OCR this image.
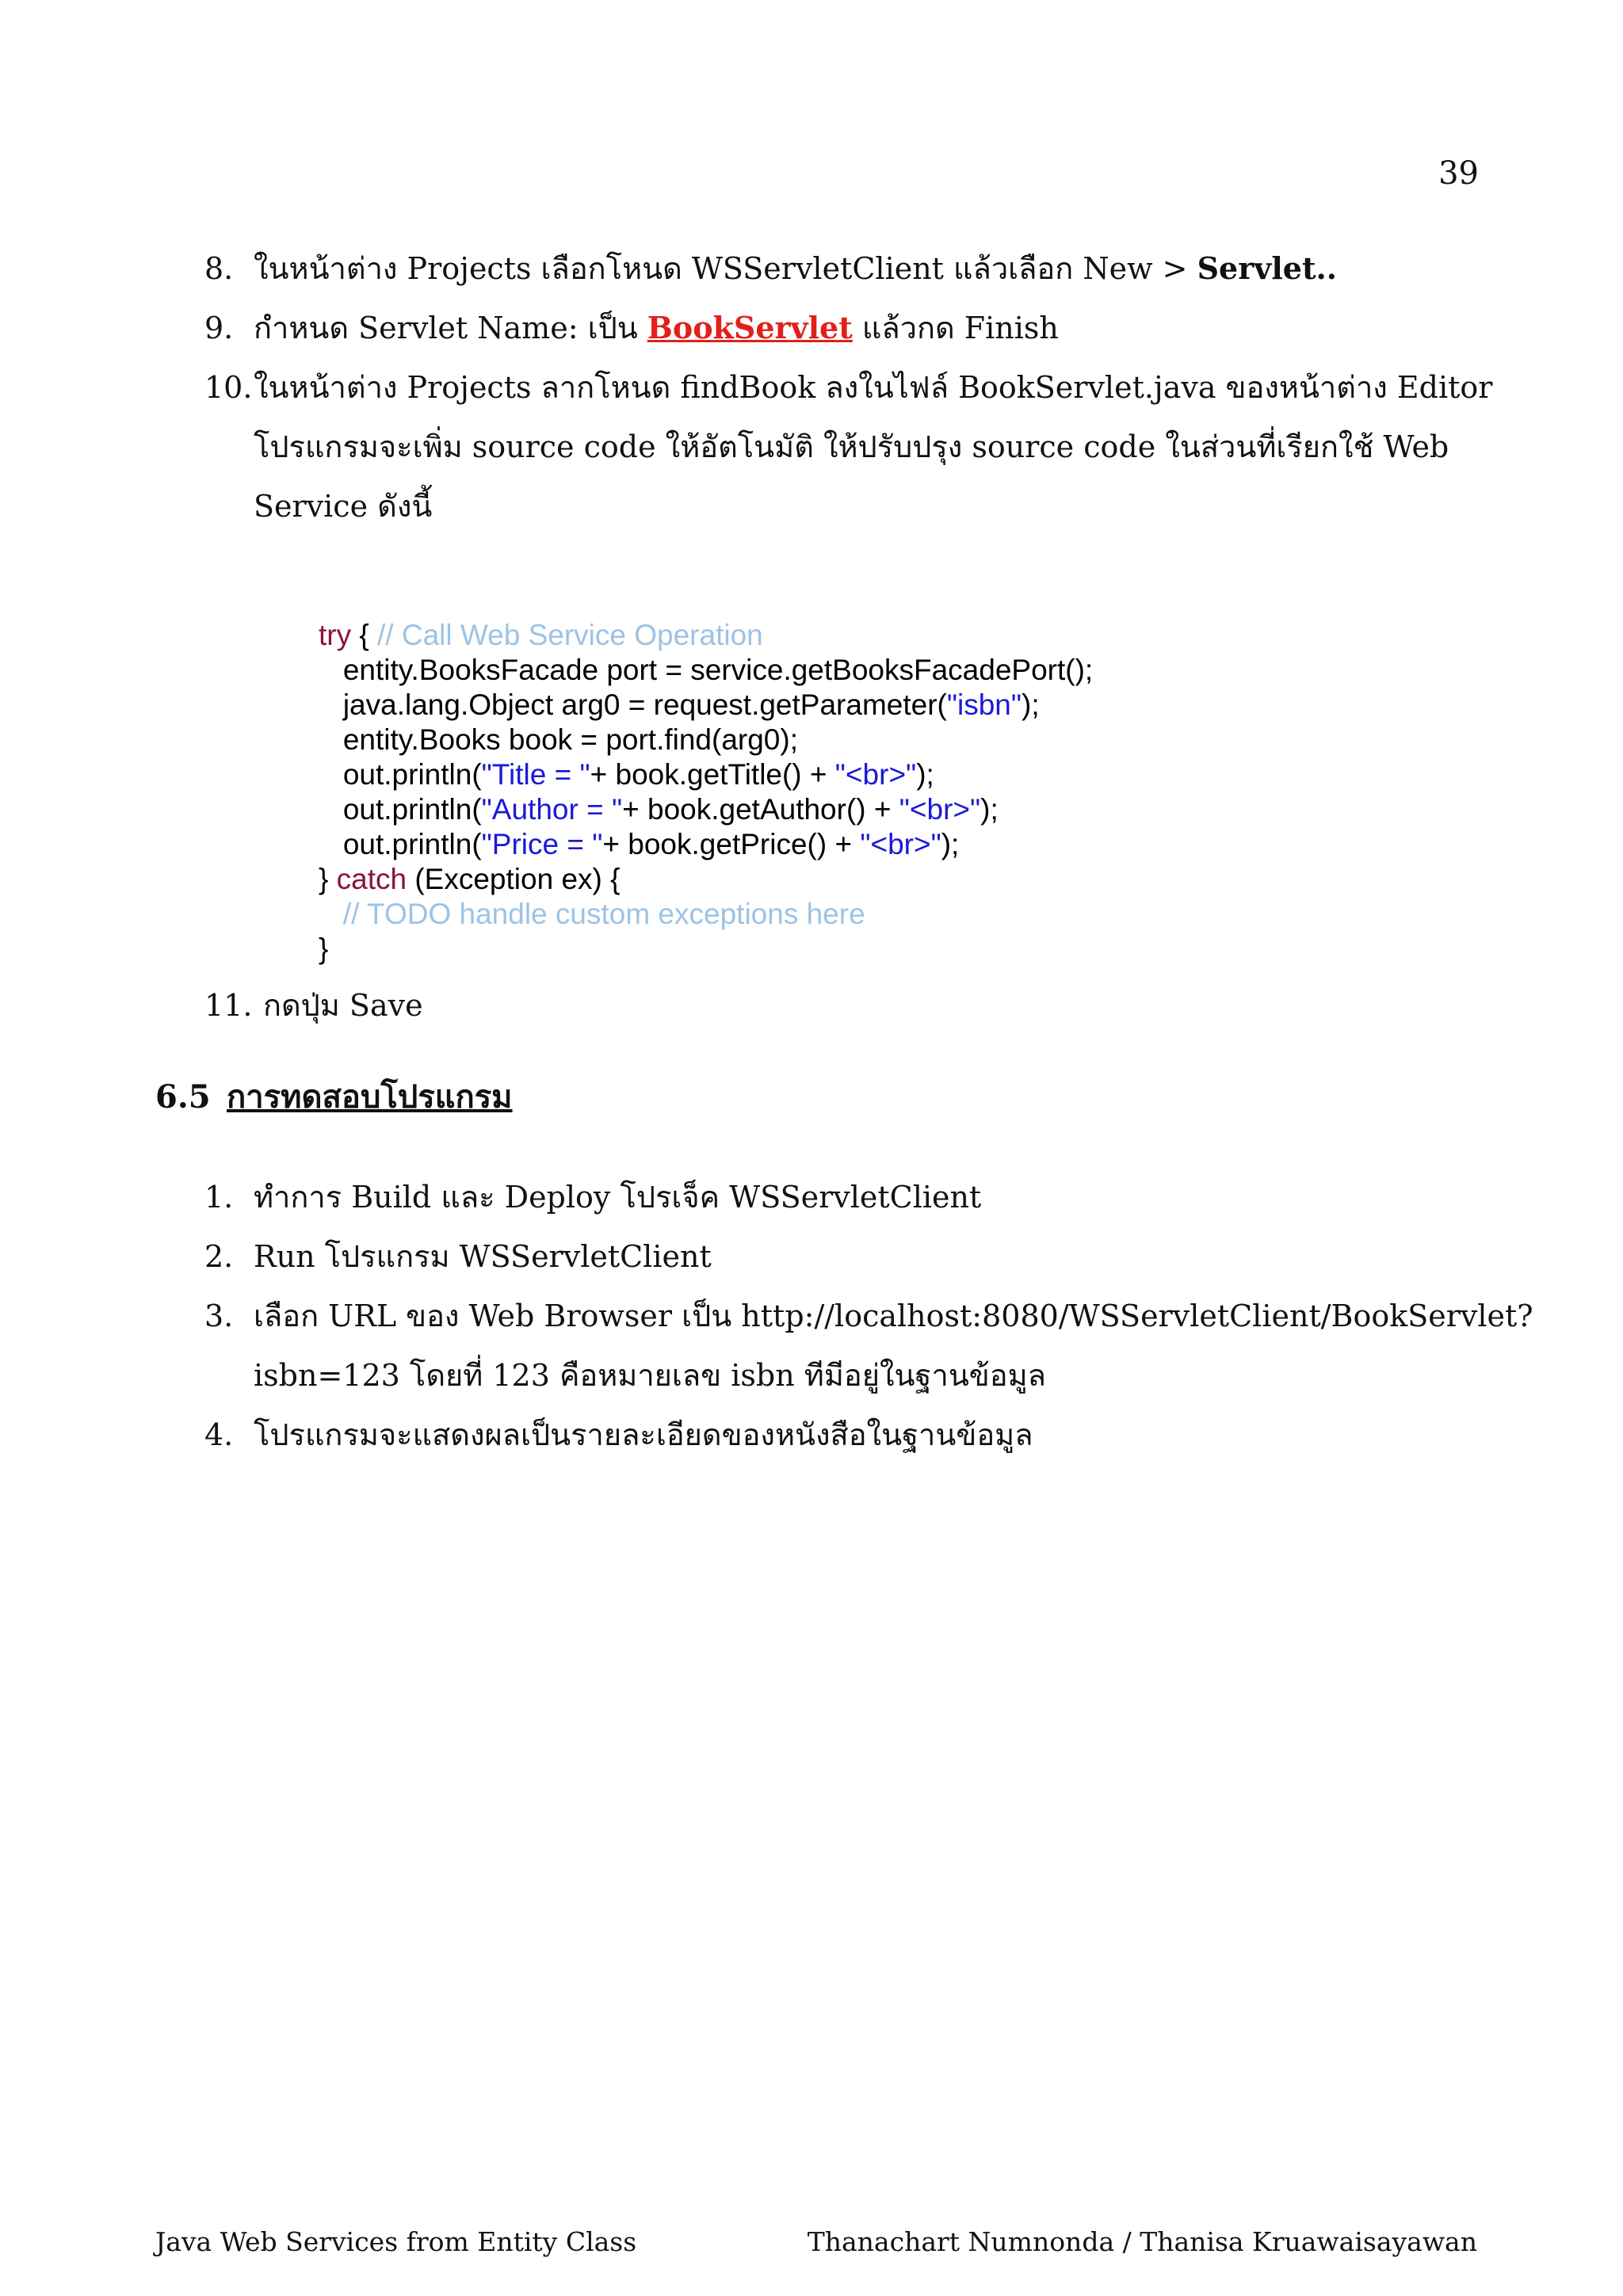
39
8. ในหน้าต่าง Projects เลือกโหนด WSServletClient แล้วเลือก New > Servlet..
9. กำหนด Servlet Name: เป็น BookServlet แล้วกด Finish
10.ในหน้าต่าง Projects ลากโหนด findBook ลงในไฟล์ BookServlet.java ของหน้าต่าง Editor
โปรแกรมจะเพิ่ม source code ให้อัตโนมัติ ให้ปรับปรุง source code ในส่วนที่เรียกใช้ Web
Service ดังนี้

try { // Call Web Service Operation
entity.BooksFacade port = service.getBooksFacadePort();
java.lang.Object arg0 = request.getParameter("isbn");
entity.Books book = port.find(arg0);
out.println("Title = "+ book.getTitle() + "<br>");
out.println("Author = "+ book.getAuthor() + "<br>");
out.println("Price = "+ book.getPrice() + "<br>");
} catch (Exception ex) {
// TODO handle custom exceptions here
}

11. กดปุ่ม Save
6.5 การทดสอบโปรแกรม
1. ทำการ Build และ Deploy โปรเจ็ค WSServletClient
2. Run โปรแกรม WSServletClient
3. เลือก URL ของ Web Browser เป็น http://localhost:8080/WSServletClient/BookServlet?
isbn=123 โดยที่ 123 คือหมายเลข isbn ทีมีอยู่ในฐานข้อมูล
4. โปรแกรมจะแสดงผลเป็นรายละเอียดของหนังสือในฐานข้อมูล
Java Web Services from Entity Class	Thanachart Numnonda / Thanisa Kruawaisayawan
